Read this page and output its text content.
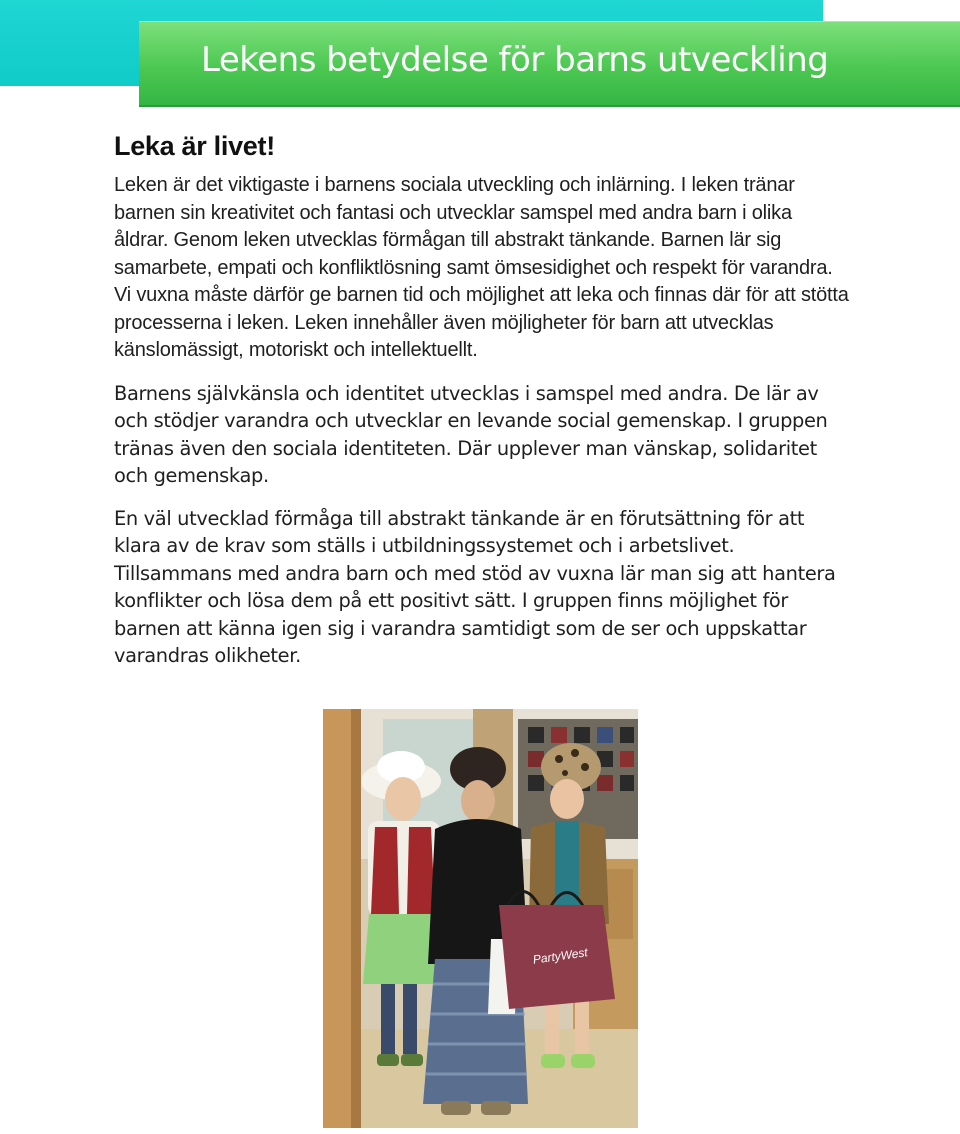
Lekens betydelse för barns utveckling
Leka är livet!

Leken är det viktigaste i barnens sociala utveckling och inlärning. I leken tränar barnen sin kreativitet och fantasi och utvecklar samspel med andra barn i olika åldrar. Genom leken utvecklas förmågan till abstrakt tänkande. Barnen lär sig samarbete, empati och konfliktlösning samt ömsesidighet och respekt för varandra. Vi vuxna måste därför ge barnen tid och möjlighet att leka och finnas där för att stötta processerna i leken. Leken innehåller även möjligheter för barn att utvecklas känslomässigt, motoriskt och intellektuellt.

Barnens självkänsla och identitet utvecklas i samspel med andra. De lär av och stödjer varandra och utvecklar en levande social gemenskap. I gruppen tränas även den sociala identiteten. Där upplever man vänskap, solidaritet och gemenskap.

En väl utvecklad förmåga till abstrakt tänkande är en förutsättning för att klara av de krav som ställs i utbildningssystemet och i arbetslivet. Tillsammans med andra barn och med stöd av vuxna lär man sig att hantera konflikter och lösa dem på ett positivt sätt. I gruppen finns möjlighet för barnen att känna igen sig i varandra samtidigt som de ser och uppskattar varandras olikheter.

PartyWest
